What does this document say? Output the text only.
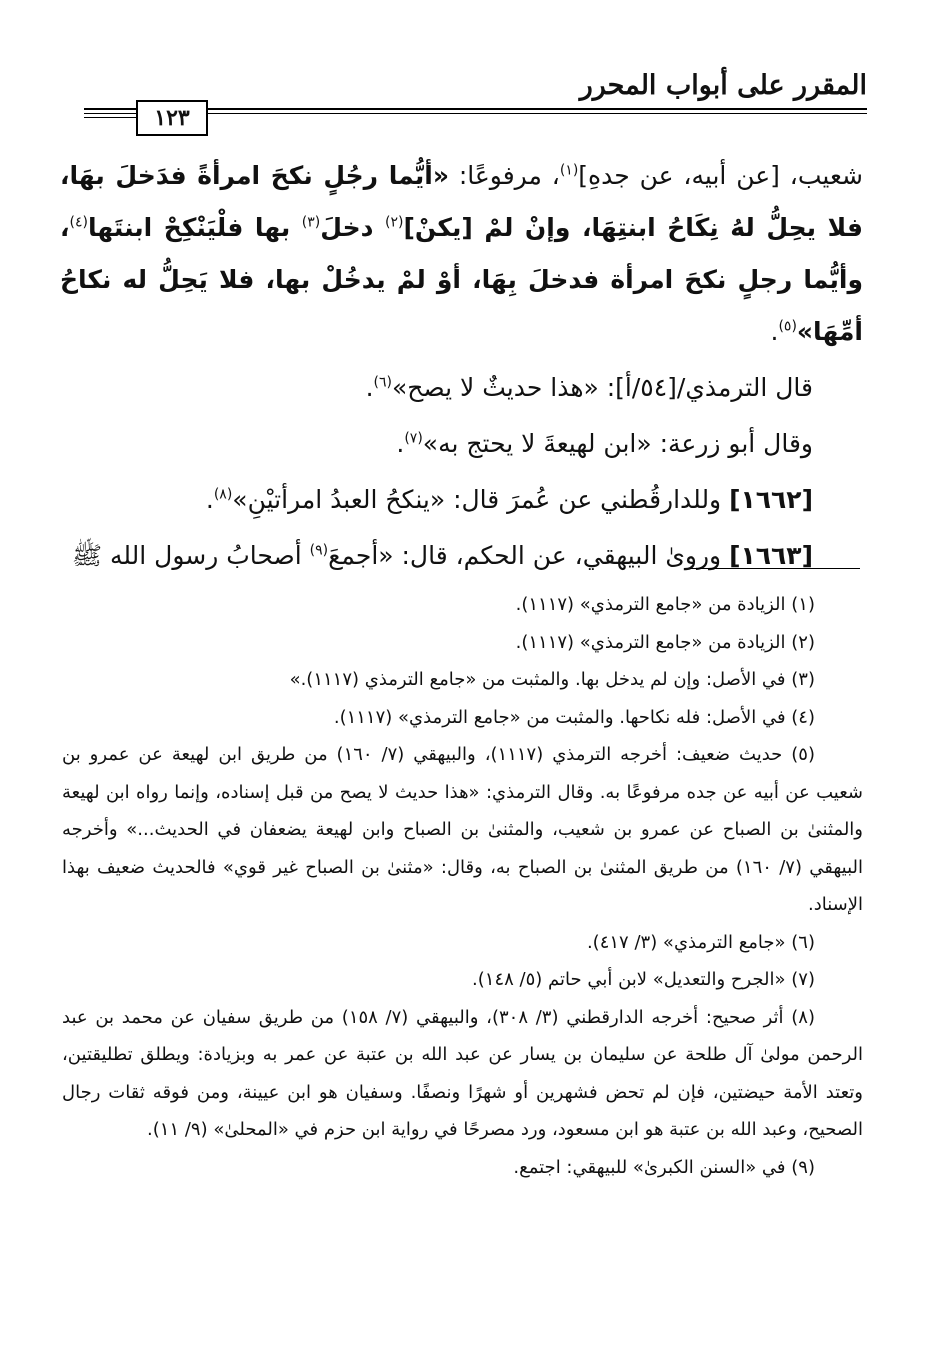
المقرر على أبواب المحرر
١٢٣

شعيب، [عن أبيه، عن جدهِ]$^{(١)}$، مرفوعًا: «أيُّما رجُلٍ نكحَ امرأةً فدَخلَ بهَا، فلا يحِلُّ لهُ نِكَاحُ ابنتِهَا، وإنْ لمْ [يكنْ]$^{(٢)}$ دخلَ$^{(٣)}$ بها فلْيَنْكِحْ ابنتَها$^{(٤)}$، وأيُّما رجلٍ نكحَ امرأة فدخلَ بِهَا، أوْ لمْ يدخُلْ بها، فلا يَحِلُّ له نكاحُ أمِّهَا»$^{(٥)}$.

قال الترمذي/[٥٤/أ]: «هذا حديثٌ لا يصح»$^{(٦)}$.

وقال أبو زرعة: «ابن لهيعةَ لا يحتج به»$^{(٧)}$.

[١٦٦٢] وللدارقُطني عن عُمرَ قال: «ينكحُ العبدُ امرأتيْنِ»$^{(٨)}$.

[١٦٦٣] وروىٰ البيهقي، عن الحكم، قال: «أجمعَ$^{(٩)}$ أصحابُ رسول الله ﷺ

(١) الزيادة من «جامع الترمذي» (١١١٧).

(٢) الزيادة من «جامع الترمذي» (١١١٧).

(٣) في الأصل: وإن لم يدخل بها. والمثبت من «جامع الترمذي (١١١٧).»

(٤) في الأصل: فله نكاحها. والمثبت من «جامع الترمذي» (١١١٧).

(٥) حديث ضعيف: أخرجه الترمذي (١١١٧)، والبيهقي (٧/ ١٦٠) من طريق ابن لهيعة عن عمرو بن شعيب عن أبيه عن جده مرفوعًا به. وقال الترمذي: «هذا حديث لا يصح من قبل إسناده، وإنما رواه ابن لهيعة والمثنىٰ بن الصباح عن عمرو بن شعيب، والمثنىٰ بن الصباح وابن لهيعة يضعفان في الحديث...» وأخرجه البيهقي (٧/ ١٦٠) من طريق المثنىٰ بن الصباح به، وقال: «مثنىٰ بن الصباح غير قوي» فالحديث ضعيف بهذا الإسناد.

(٦) «جامع الترمذي» (٣/ ٤١٧).

(٧) «الجرح والتعديل» لابن أبي حاتم (٥/ ١٤٨).

(٨) أثر صحيح: أخرجه الدارقطني (٣/ ٣٠٨)، والبيهقي (٧/ ١٥٨) من طريق سفيان عن محمد بن عبد الرحمن مولىٰ آل طلحة عن سليمان بن يسار عن عبد الله بن عتبة عن عمر به وبزيادة: ويطلق تطليقتين، وتعتد الأمة حيضتين، فإن لم تحض فشهرين أو شهرًا ونصفًا. وسفيان هو ابن عيينة، ومن فوقه ثقات رجال الصحيح، وعبد الله بن عتبة هو ابن مسعود، ورد مصرحًا في رواية ابن حزم في «المحلىٰ» (٩/ ١١).

(٩) في «السنن الكبرىٰ» للبيهقي: اجتمع.
